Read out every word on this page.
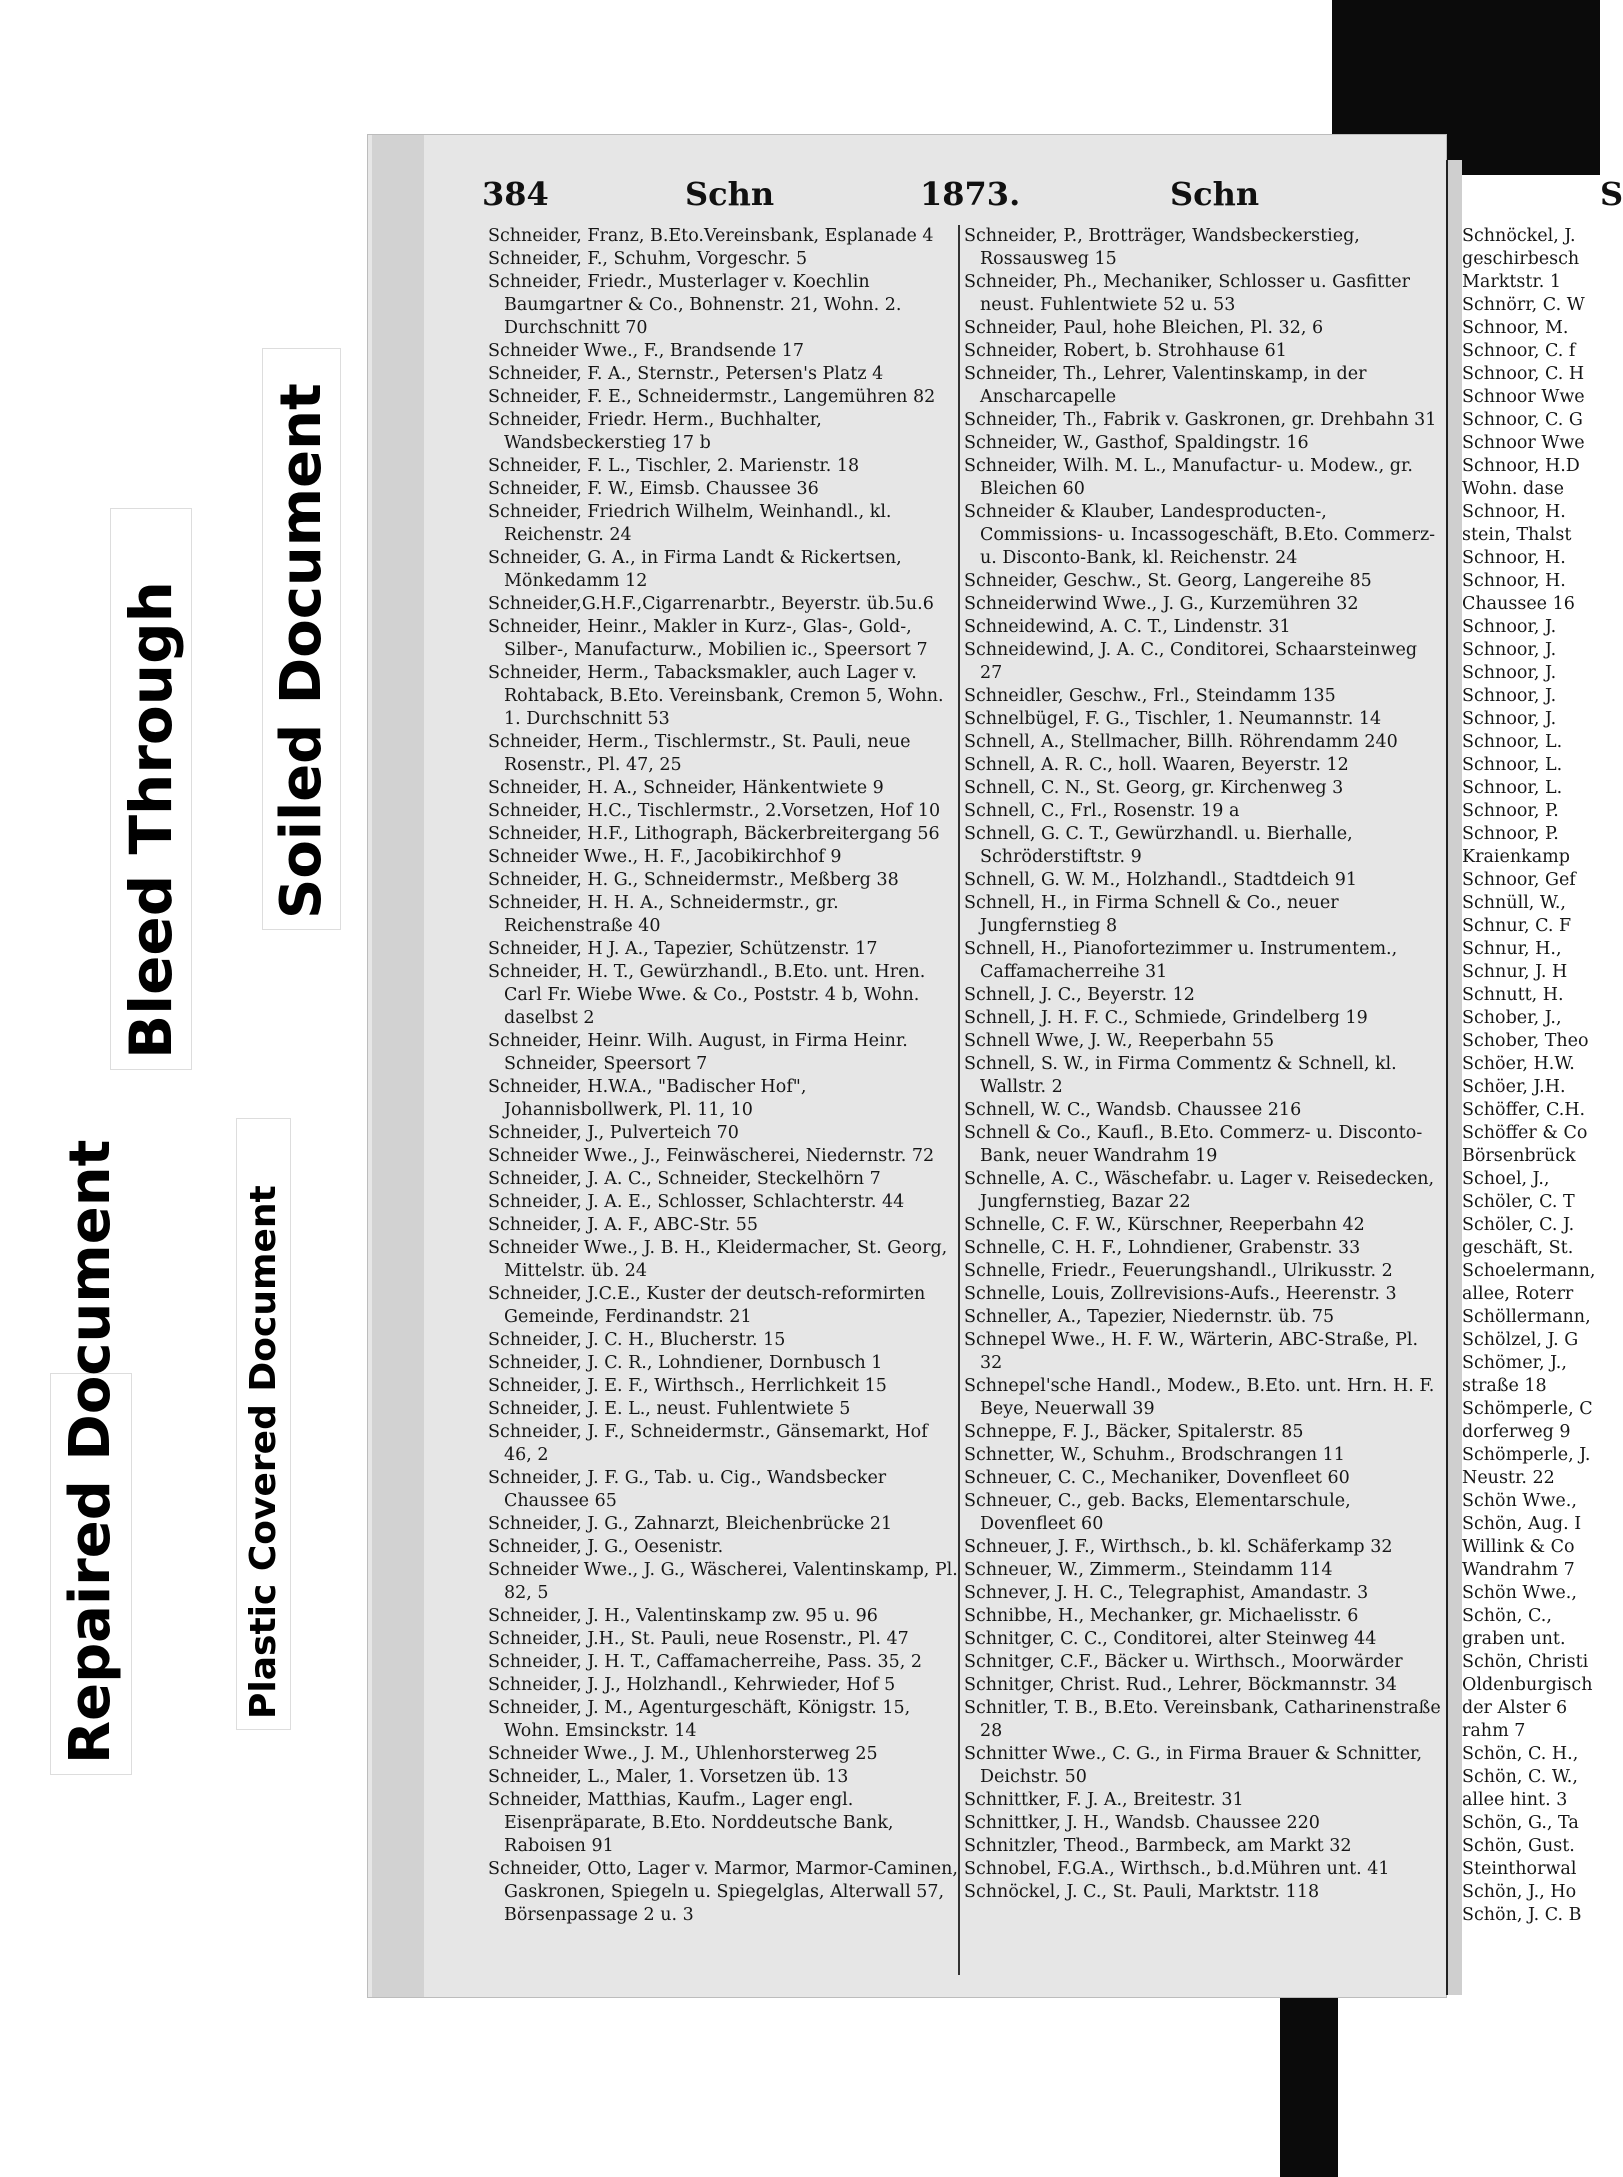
Bleed Through Soiled Document
Repaired Document	Plastic Covered Document
384	Schn	1873.	Schn	S

Schneider, Franz, B.Eto.Vereinsbank, Esplanade 4

Schneider, F., Schuhm, Vorgeschr. 5

Schneider, Friedr., Musterlager v. Koechlin Baumgartner & Co., Bohnenstr. 21, Wohn. 2. Durchschnitt 70

Schneider Wwe., F., Brandsende 17

Schneider, F. A., Sternstr., Petersen's Platz 4

Schneider, F. E., Schneidermstr., Langemühren 82

Schneider, Friedr. Herm., Buchhalter, Wandsbeckerstieg 17 b

Schneider, F. L., Tischler, 2. Marienstr. 18

Schneider, F. W., Eimsb. Chaussee 36

Schneider, Friedrich Wilhelm, Weinhandl., kl. Reichenstr. 24

Schneider, G. A., in Firma Landt & Rickertsen, Mönkedamm 12

Schneider,G.H.F.,Cigarrenarbtr., Beyerstr. üb.5u.6

Schneider, Heinr., Makler in Kurz-, Glas-, Gold-, Silber-, Manufacturw., Mobilien ic., Speersort 7

Schneider, Herm., Tabacksmakler, auch Lager v. Rohtaback, B.Eto. Vereinsbank, Cremon 5, Wohn. 1. Durchschnitt 53

Schneider, Herm., Tischlermstr., St. Pauli, neue Rosenstr., Pl. 47, 25

Schneider, H. A., Schneider, Hänkentwiete 9

Schneider, H.C., Tischlermstr., 2.Vorsetzen, Hof 10

Schneider, H.F., Lithograph, Bäckerbreitergang 56

Schneider Wwe., H. F., Jacobikirchhof 9

Schneider, H. G., Schneidermstr., Meßberg 38

Schneider, H. H. A., Schneidermstr., gr. Reichenstraße 40

Schneider, H J. A., Tapezier, Schützenstr. 17

Schneider, H. T., Gewürzhandl., B.Eto. unt. Hren. Carl Fr. Wiebe Wwe. & Co., Poststr. 4 b, Wohn. daselbst 2

Schneider, Heinr. Wilh. August, in Firma Heinr. Schneider, Speersort 7

Schneider, H.W.A., "Badischer Hof", Johannisbollwerk, Pl. 11, 10

Schneider, J., Pulverteich 70

Schneider Wwe., J., Feinwäscherei, Niedernstr. 72

Schneider, J. A. C., Schneider, Steckelhörn 7

Schneider, J. A. E., Schlosser, Schlachterstr. 44

Schneider, J. A. F., ABC-Str. 55

Schneider Wwe., J. B. H., Kleidermacher, St. Georg, Mittelstr. üb. 24

Schneider, J.C.E., Kuster der deutsch-reformirten Gemeinde, Ferdinandstr. 21

Schneider, J. C. H., Blucherstr. 15

Schneider, J. C. R., Lohndiener, Dornbusch 1

Schneider, J. E. F., Wirthsch., Herrlichkeit 15

Schneider, J. E. L., neust. Fuhlentwiete 5

Schneider, J. F., Schneidermstr., Gänsemarkt, Hof 46, 2

Schneider, J. F. G., Tab. u. Cig., Wandsbecker Chaussee 65

Schneider, J. G., Zahnarzt, Bleichenbrücke 21

Schneider, J. G., Oesenistr.

Schneider Wwe., J. G., Wäscherei, Valentinskamp, Pl. 82, 5

Schneider, J. H., Valentinskamp zw. 95 u. 96

Schneider, J.H., St. Pauli, neue Rosenstr., Pl. 47

Schneider, J. H. T., Caffamacherreihe, Pass. 35, 2

Schneider, J. J., Holzhandl., Kehrwieder, Hof 5

Schneider, J. M., Agenturgeschäft, Königstr. 15, Wohn. Emsinckstr. 14

Schneider Wwe., J. M., Uhlenhorsterweg 25

Schneider, L., Maler, 1. Vorsetzen üb. 13

Schneider, Matthias, Kaufm., Lager engl. Eisenpräparate, B.Eto. Norddeutsche Bank, Raboisen 91

Schneider, Otto, Lager v. Marmor, Marmor-Caminen, Gaskronen, Spiegeln u. Spiegelglas, Alterwall 57, Börsenpassage 2 u. 3

Schneider, P., Brotträger, Wandsbeckerstieg, Rossausweg 15

Schneider, Ph., Mechaniker, Schlosser u. Gasfitter neust. Fuhlentwiete 52 u. 53

Schneider, Paul, hohe Bleichen, Pl. 32, 6

Schneider, Robert, b. Strohhause 61

Schneider, Th., Lehrer, Valentinskamp, in der Anscharcapelle

Schneider, Th., Fabrik v. Gaskronen, gr. Drehbahn 31

Schneider, W., Gasthof, Spaldingstr. 16

Schneider, Wilh. M. L., Manufactur- u. Modew., gr. Bleichen 60

Schneider & Klauber, Landesproducten-, Commissions- u. Incassogeschäft, B.Eto. Commerz- u. Disconto-Bank, kl. Reichenstr. 24

Schneider, Geschw., St. Georg, Langereihe 85

Schneiderwind Wwe., J. G., Kurzemühren 32

Schneidewind, A. C. T., Lindenstr. 31

Schneidewind, J. A. C., Conditorei, Schaarsteinweg 27

Schneidler, Geschw., Frl., Steindamm 135

Schnelbügel, F. G., Tischler, 1. Neumannstr. 14

Schnell, A., Stellmacher, Billh. Röhrendamm 240

Schnell, A. R. C., holl. Waaren, Beyerstr. 12

Schnell, C. N., St. Georg, gr. Kirchenweg 3

Schnell, C., Frl., Rosenstr. 19 a

Schnell, G. C. T., Gewürzhandl. u. Bierhalle, Schröderstiftstr. 9

Schnell, G. W. M., Holzhandl., Stadtdeich 91

Schnell, H., in Firma Schnell & Co., neuer Jungfernstieg 8

Schnell, H., Pianofortezimmer u. Instrumentem., Caffamacherreihe 31

Schnell, J. C., Beyerstr. 12

Schnell, J. H. F. C., Schmiede, Grindelberg 19

Schnell Wwe, J. W., Reeperbahn 55

Schnell, S. W., in Firma Commentz & Schnell, kl. Wallstr. 2

Schnell, W. C., Wandsb. Chaussee 216

Schnell & Co., Kaufl., B.Eto. Commerz- u. Disconto-Bank, neuer Wandrahm 19

Schnelle, A. C., Wäschefabr. u. Lager v. Reisedecken, Jungfernstieg, Bazar 22

Schnelle, C. F. W., Kürschner, Reeperbahn 42

Schnelle, C. H. F., Lohndiener, Grabenstr. 33

Schnelle, Friedr., Feuerungshandl., Ulrikusstr. 2

Schnelle, Louis, Zollrevisions-Aufs., Heerenstr. 3

Schneller, A., Tapezier, Niedernstr. üb. 75

Schnepel Wwe., H. F. W., Wärterin, ABC-Straße, Pl. 32

Schnepel'sche Handl., Modew., B.Eto. unt. Hrn. H. F. Beye, Neuerwall 39

Schneppe, F. J., Bäcker, Spitalerstr. 85

Schnetter, W., Schuhm., Brodschrangen 11

Schneuer, C. C., Mechaniker, Dovenfleet 60

Schneuer, C., geb. Backs, Elementarschule, Dovenfleet 60

Schneuer, J. F., Wirthsch., b. kl. Schäferkamp 32

Schneuer, W., Zimmerm., Steindamm 114

Schnever, J. H. C., Telegraphist, Amandastr. 3

Schnibbe, H., Mechanker, gr. Michaelisstr. 6

Schnitger, C. C., Conditorei, alter Steinweg 44

Schnitger, C.F., Bäcker u. Wirthsch., Moorwärder

Schnitger, Christ. Rud., Lehrer, Böckmannstr. 34

Schnitler, T. B., B.Eto. Vereinsbank, Catharinenstraße 28

Schnitter Wwe., C. G., in Firma Brauer & Schnitter, Deichstr. 50

Schnittker, F. J. A., Breitestr. 31

Schnittker, J. H., Wandsb. Chaussee 220

Schnitzler, Theod., Barmbeck, am Markt 32

Schnobel, F.G.A., Wirthsch., b.d.Mühren unt. 41

Schnöckel, J. C., St. Pauli, Marktstr. 118

Schnöckel, J.

geschirbesch

Marktstr. 1

Schnörr, C. W

Schnoor, M.

Schnoor, C. f

Schnoor, C. H

Schnoor Wwe

Schnoor, C. G

Schnoor Wwe

Schnoor, H.D

Wohn. dase

Schnoor, H.

stein, Thalst

Schnoor, H.

Schnoor, H.

Chaussee 16

Schnoor, J.

Schnoor, J.

Schnoor, J.

Schnoor, J.

Schnoor, J.

Schnoor, L.

Schnoor, L.

Schnoor, L.

Schnoor, P.

Schnoor, P.

Kraienkamp

Schnoor, Gef

Schnüll, W.,

Schnur, C. F

Schnur, H.,

Schnur, J. H

Schnutt, H.

Schober, J.,

Schober, Theo

Schöer, H.W.

Schöer, J.H.

Schöffer, C.H.

Schöffer & Co

Börsenbrück

Schoel, J.,

Schöler, C. T

Schöler, C. J.

geschäft, St.

Schoelermann,

allee, Roterr

Schöllermann,

Schölzel, J. G

Schömer, J.,

straße 18

Schömperle, C

dorferweg 9

Schömperle, J.

Neustr. 22

Schön Wwe.,

Schön, Aug. I

Willink & Co

Wandrahm 7

Schön Wwe.,

Schön, C.,

graben unt.

Schön, Christi

Oldenburgisch

der Alster 6

rahm 7

Schön, C. H.,

Schön, C. W.,

allee hint. 3

Schön, G., Ta

Schön, Gust.

Steinthorwal

Schön, J., Ho

Schön, J. C. B
